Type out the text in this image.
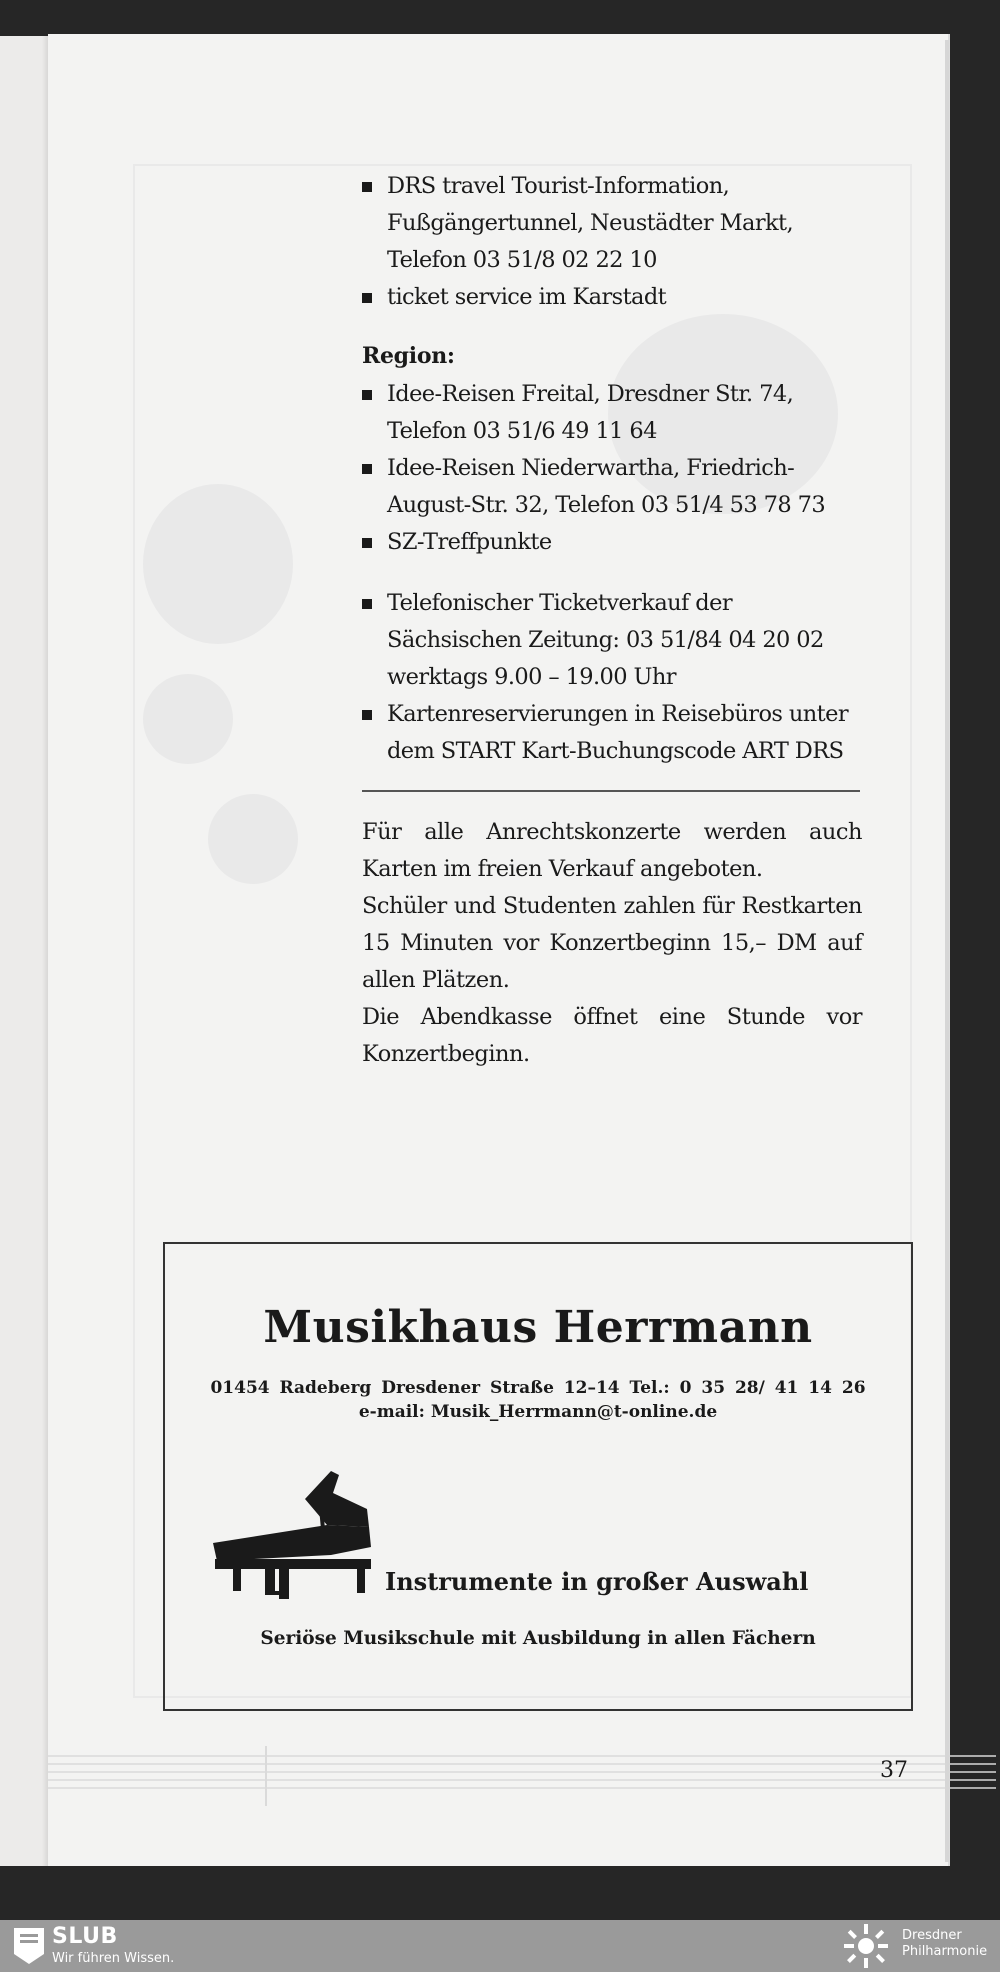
DRS travel Tourist-Information,
Fußgängertunnel, Neustädter Markt,
Telefon 03 51/8 02 22 10
ticket service im Karstadt
Region:
Idee-Reisen Freital, Dresdner Str. 74,
Telefon 03 51/6 49 11 64
Idee-Reisen Niederwartha, Friedrich-
August-Str. 32, Telefon 03 51/4 53 78 73
SZ-Treffpunkte
Telefonischer Ticketverkauf der
Sächsischen Zeitung: 03 51/84 04 20 02
werktags 9.00 – 19.00 Uhr
Kartenreservierungen in Reisebüros unter
dem START Kart-Buchungscode ART DRS

Für alle Anrechtskonzerte werden auch Karten im freien Verkauf angeboten.

Schüler und Studenten zahlen für Restkarten 15 Minuten vor Konzertbeginn 15,– DM auf allen Plätzen.

Die Abendkasse öffnet eine Stunde vor Konzertbeginn.

Musikhaus Herrmann
01454 Radeberg Dresdener Straße 12–14 Tel.: 0 35 28/ 41 14 26
e-mail: Musik_Herrmann@t-online.de
Instrumente in großer Auswahl
Seriöse Musikschule mit Ausbildung in allen Fächern
37
SLUB
Wir führen Wissen.
Dresdner
Philharmonie
